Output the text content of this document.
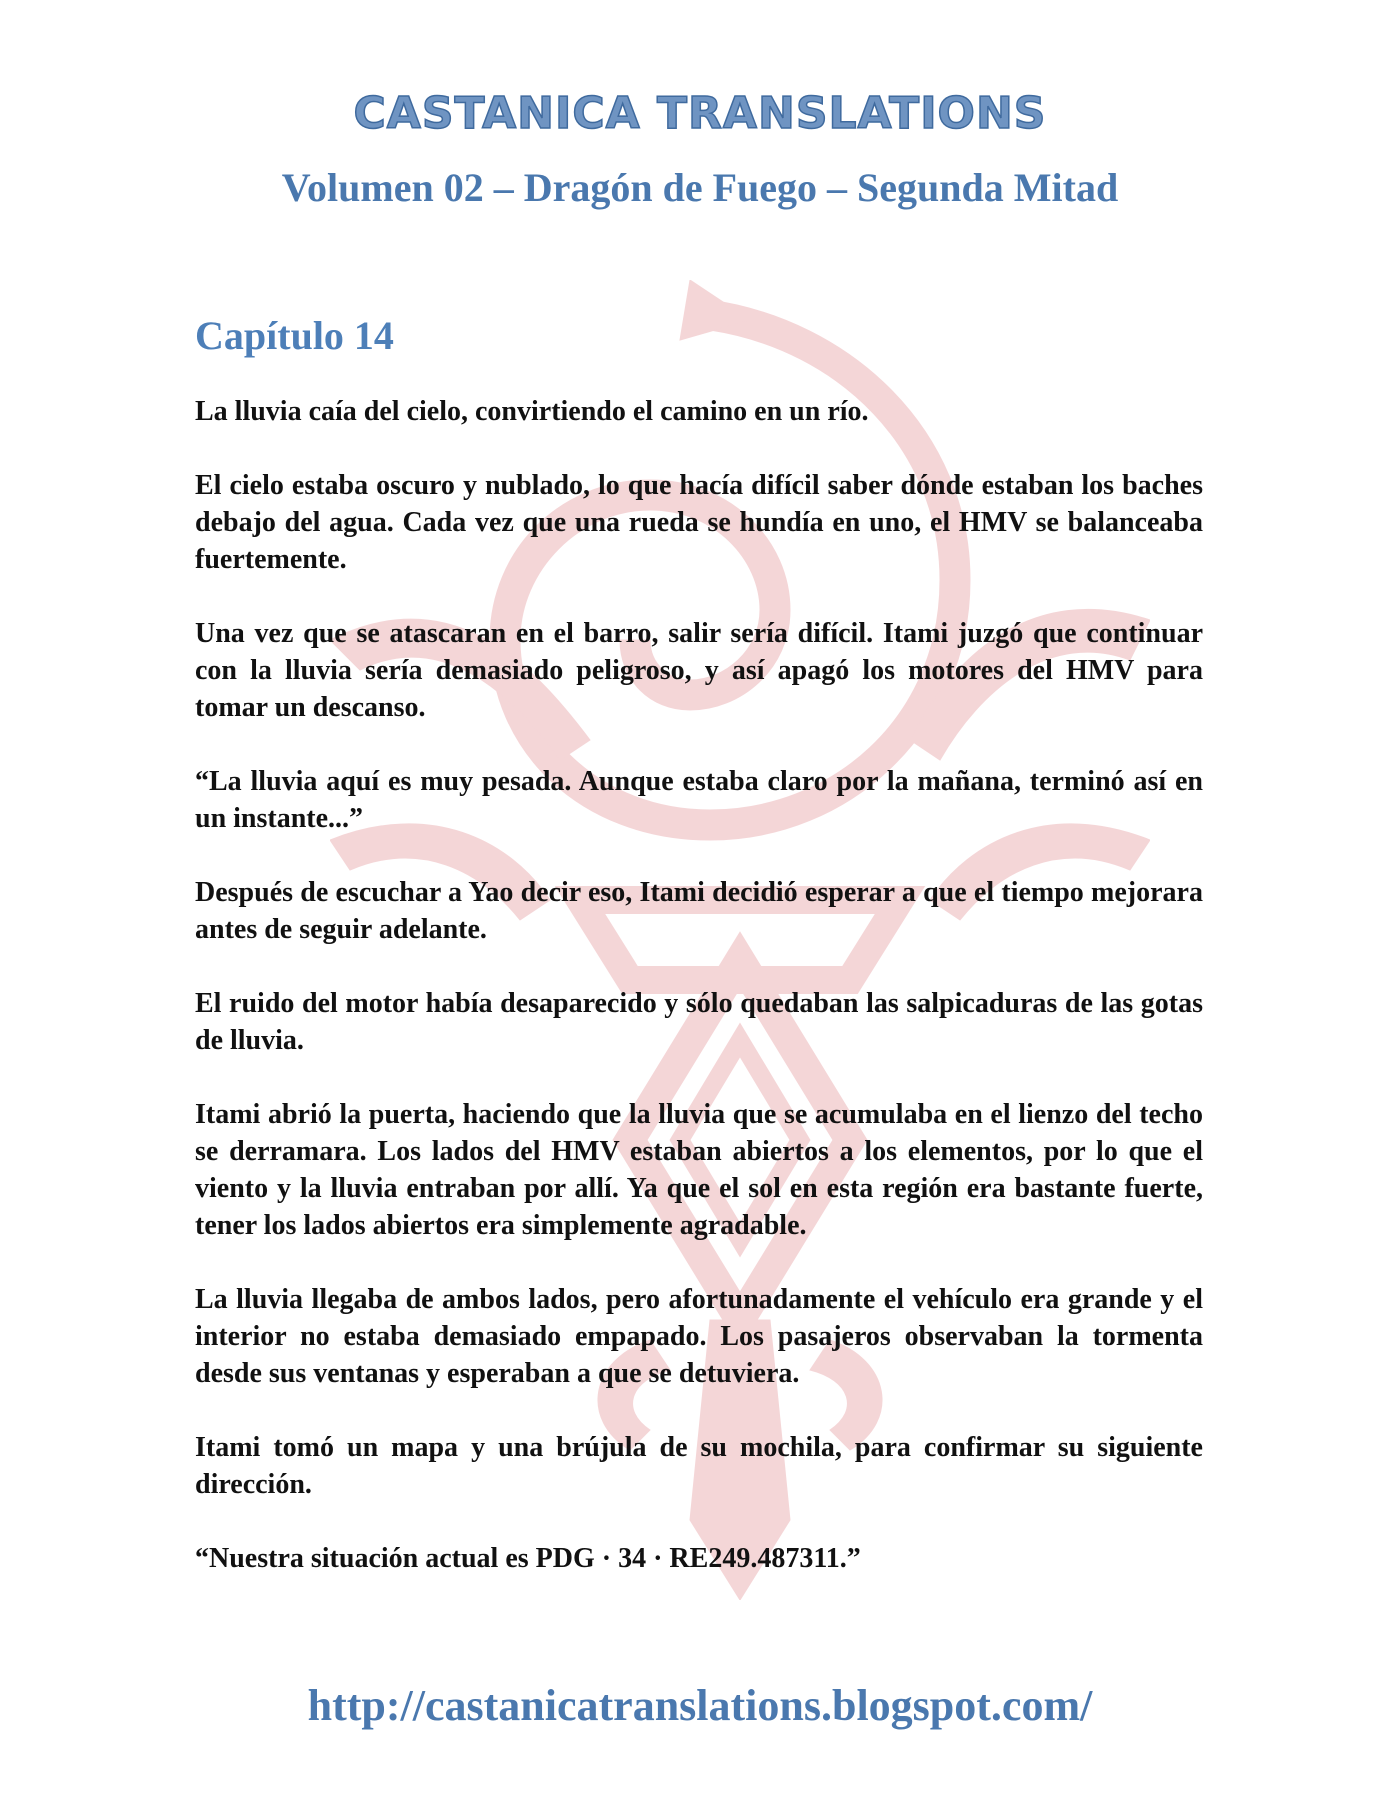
CASTANICA TRANSLATIONS
Volumen 02 – Dragón de Fuego – Segunda Mitad
Capítulo 14

La lluvia caía del cielo, convirtiendo el camino en un río.

El cielo estaba oscuro y nublado, lo que hacía difícil saber dónde estaban los baches debajo del agua. Cada vez que una rueda se hundía en uno, el HMV se balanceaba fuertemente.

Una vez que se atascaran en el barro, salir sería difícil. Itami juzgó que continuar con la lluvia sería demasiado peligroso, y así apagó los motores del HMV para tomar un descanso.

“La lluvia aquí es muy pesada. Aunque estaba claro por la mañana, terminó así en un instante...”

Después de escuchar a Yao decir eso, Itami decidió esperar a que el tiempo mejorara antes de seguir adelante.

El ruido del motor había desaparecido y sólo quedaban las salpicaduras de las gotas de lluvia.

Itami abrió la puerta, haciendo que la lluvia que se acumulaba en el lienzo del techo se derramara. Los lados del HMV estaban abiertos a los elementos, por lo que el viento y la lluvia entraban por allí. Ya que el sol en esta región era bastante fuerte, tener los lados abiertos era simplemente agradable.

La lluvia llegaba de ambos lados, pero afortunadamente el vehículo era grande y el interior no estaba demasiado empapado. Los pasajeros observaban la tormenta desde sus ventanas y esperaban a que se detuviera.

Itami tomó un mapa y una brújula de su mochila, para confirmar su siguiente dirección.

“Nuestra situación actual es PDG · 34 · RE249.487311.”

http://castanicatranslations.blogspot.com/
